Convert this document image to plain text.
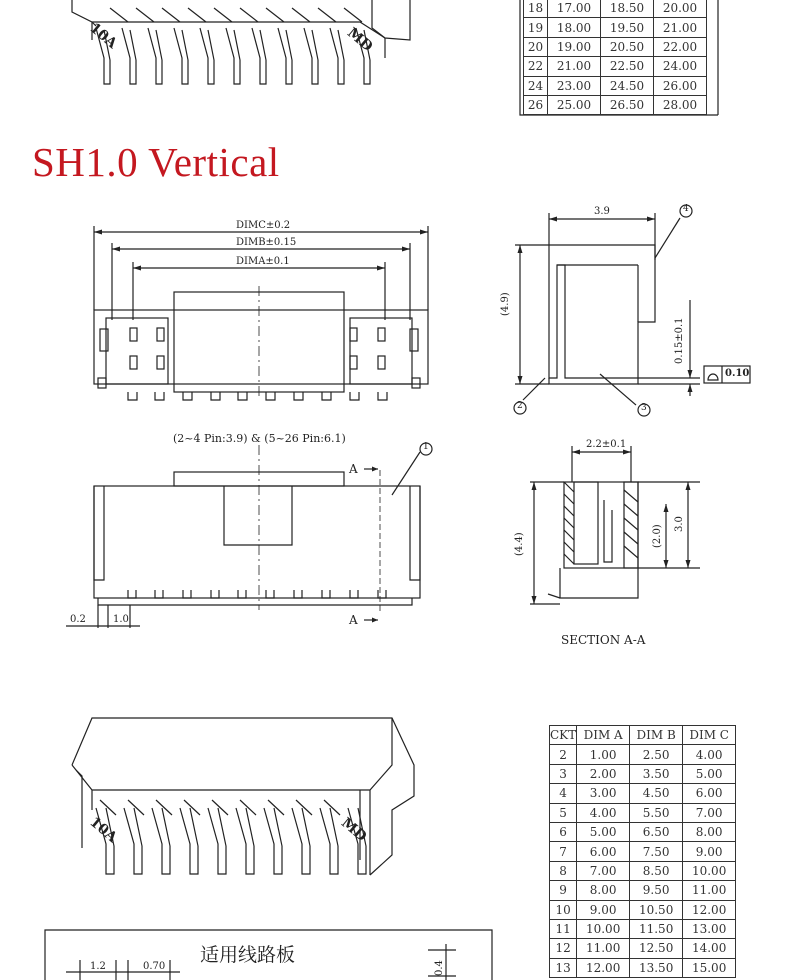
SH1.0 Vertical
18	17.00	18.50	20.00
19	18.00	19.50	21.00
20	19.00	20.50	22.00
22	21.00	22.50	24.00
24	23.00	24.50	26.00
26	25.00	26.50	28.00
10A	MD
10A	MD
DIMC±0.2
DIMB±0.15
DIMA±0.1
3.9
(4.9)
0.15±0.1
0.10
4
2	3
(2~4 Pin:3.9) & (5~26 Pin:6.1)
1
A
A
0.2	1.0
2.2±0.1
(4.4)	(2.0)
3.0
SECTION A-A
CKT	DIM A	DIM B	DIM C
2	1.00	2.50	4.00
3	2.00	3.50	5.00
4	3.00	4.50	6.00
5	4.00	5.50	7.00
6	5.00	6.50	8.00
7	6.00	7.50	9.00
8	7.00	8.50	10.00
9	8.00	9.50	11.00
10	9.00	10.50	12.00
11	10.00	11.50	13.00
12	11.00	12.50	14.00
13	12.00	13.50	15.00
适用线路板
1.2	0.70	0.4
